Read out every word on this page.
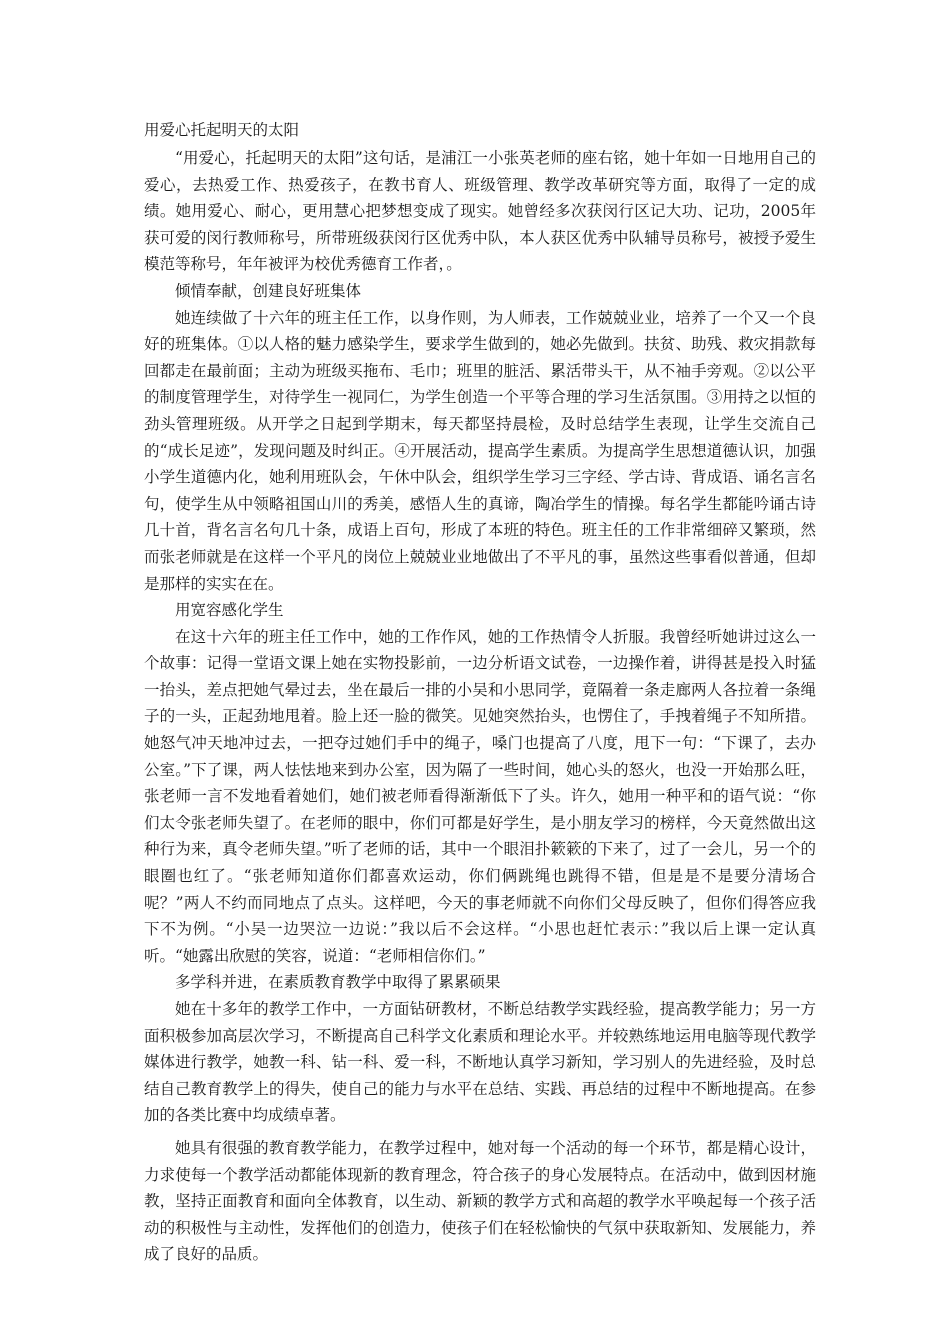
用爱心托起明天的太阳

“用爱心，托起明天的太阳”这句话，是浦江一小张英老师的座右铭，她十年如一日地用自己的爱心，去热爱工作、热爱孩子，在教书育人、班级管理、教学改革研究等方面，取得了一定的成绩。她用爱心、耐心，更用慧心把梦想变成了现实。她曾经多次获闵行区记大功、记功，2005年获可爱的闵行教师称号，所带班级获闵行区优秀中队，本人获区优秀中队辅导员称号，被授予爱生模范等称号，年年被评为校优秀德育工作者，。

倾情奉献，创建良好班集体

她连续做了十六年的班主任工作，以身作则，为人师表，工作兢兢业业，培养了一个又一个良好的班集体。①以人格的魅力感染学生，要求学生做到的，她必先做到。扶贫、助残、救灾捐款每回都走在最前面；主动为班级买拖布、毛巾；班里的脏活、累活带头干，从不袖手旁观。②以公平的制度管理学生，对待学生一视同仁，为学生创造一个平等合理的学习生活氛围。③用持之以恒的劲头管理班级。从开学之日起到学期末，每天都坚持晨检，及时总结学生表现，让学生交流自己的“成长足迹”，发现问题及时纠正。④开展活动，提高学生素质。为提高学生思想道德认识，加强小学生道德内化，她利用班队会，午休中队会，组织学生学习三字经、学古诗、背成语、诵名言名句，使学生从中领略祖国山川的秀美，感悟人生的真谛，陶冶学生的情操。每名学生都能吟诵古诗几十首，背名言名句几十条，成语上百句，形成了本班的特色。班主任的工作非常细碎又繁琐，然而张老师就是在这样一个平凡的岗位上兢兢业业地做出了不平凡的事，虽然这些事看似普通，但却是那样的实实在在。

用宽容感化学生

在这十六年的班主任工作中，她的工作作风，她的工作热情令人折服。我曾经听她讲过这么一个故事：记得一堂语文课上她在实物投影前，一边分析语文试卷，一边操作着，讲得甚是投入时猛一抬头，差点把她气晕过去，坐在最后一排的小吴和小思同学，竟隔着一条走廊两人各拉着一条绳子的一头，正起劲地甩着。脸上还一脸的微笑。见她突然抬头，也愣住了，手拽着绳子不知所措。她怒气冲天地冲过去，一把夺过她们手中的绳子，嗓门也提高了八度，甩下一句：“下课了，去办公室。”下了课，两人怯怯地来到办公室，因为隔了一些时间，她心头的怒火，也没一开始那么旺，张老师一言不发地看着她们，她们被老师看得渐渐低下了头。许久，她用一种平和的语气说：“你们太令张老师失望了。在老师的眼中，你们可都是好学生，是小朋友学习的榜样，今天竟然做出这种行为来，真令老师失望。”听了老师的话，其中一个眼泪扑簌簌的下来了，过了一会儿，另一个的眼圈也红了。“张老师知道你们都喜欢运动，你们俩跳绳也跳得不错，但是是不是要分清场合呢？”两人不约而同地点了点头。这样吧，今天的事老师就不向你们父母反映了，但你们得答应我下不为例。“小吴一边哭泣一边说：”我以后不会这样。“小思也赶忙表示：”我以后上课一定认真听。“她露出欣慰的笑容，说道：“老师相信你们。”

多学科并进，在素质教育教学中取得了累累硕果

她在十多年的教学工作中，一方面钻研教材，不断总结教学实践经验，提高教学能力；另一方面积极参加高层次学习，不断提高自己科学文化素质和理论水平。并较熟练地运用电脑等现代教学媒体进行教学，她教一科、钻一科、爱一科，不断地认真学习新知，学习别人的先进经验，及时总结自己教育教学上的得失，使自己的能力与水平在总结、实践、再总结的过程中不断地提高。在参加的各类比赛中均成绩卓著。

她具有很强的教育教学能力，在教学过程中，她对每一个活动的每一个环节，都是精心设计，力求使每一个教学活动都能体现新的教育理念，符合孩子的身心发展特点。在活动中，做到因材施教，坚持正面教育和面向全体教育，以生动、新颖的教学方式和高超的教学水平唤起每一个孩子活动的积极性与主动性，发挥他们的创造力，使孩子们在轻松愉快的气氛中获取新知、发展能力，养成了良好的品质。
